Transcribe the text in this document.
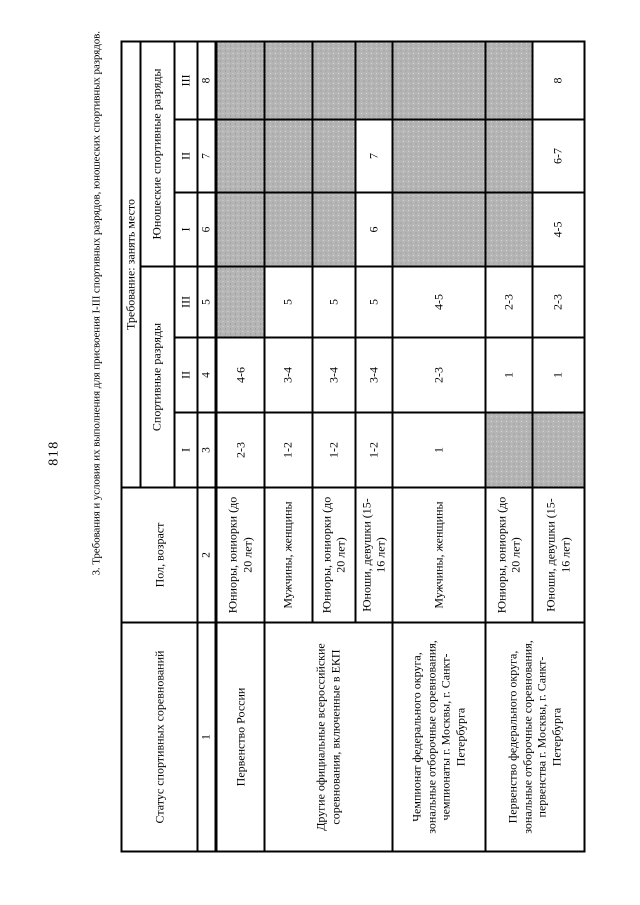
818	3. Требования и условия их выполнения для присвоения I-III спортивных разрядов, юношеских спортивных разрядов.
Статус спортивных соревнований	Пол, возраст	Требование: занять место					
		Спортивные разряды			Юношеские спортивные разряды		
		I	II	III	I	II	III
1	2	3	4	5	6	7	8
Первенство России	Юниоры, юниорки (до 20 лет)	2-3	4-6				
Другие официальные всероссийские соревнования, включенные в ЕКП	Мужчины, женщины	1-2	3-4	5			
	Юниоры, юниорки (до 20 лет)	1-2	3-4	5			
	Юноши, девушки (15-16 лет)	1-2	3-4	5	6	7	
Чемпионат федерального округа, зональные отборочные соревнования, чемпионаты г. Москвы, г. Санкт-Петербурга	Мужчины, женщины	1	2-3	4-5			
Первенство федерального округа, зональные отборочные соревнования, первенства г. Москвы, г. Санкт-Петербурга	Юниоры, юниорки (до 20 лет)		1	2-3			
	Юноши, девушки (15-16 лет)		1	2-3	4-5	6-7	8
